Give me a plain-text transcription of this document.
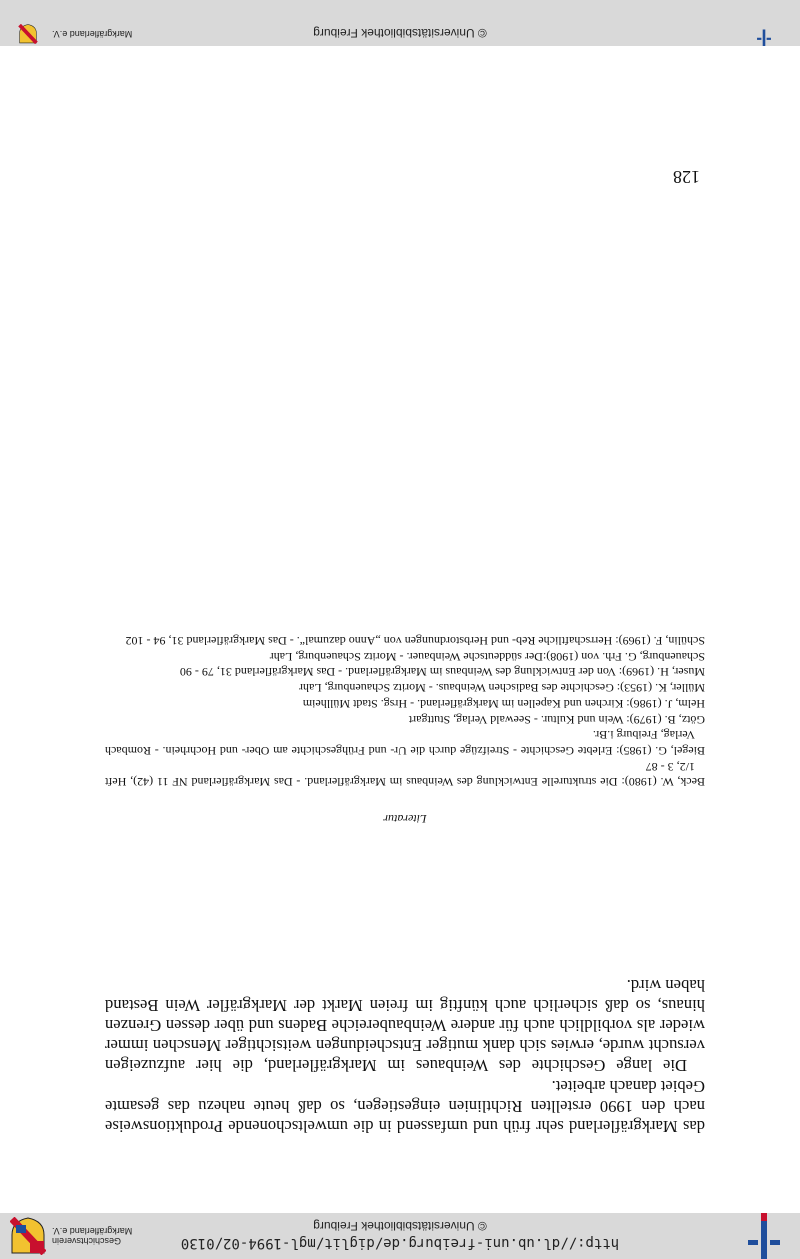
http://dl.ub.uni-freiburg.de/diglit/mgl-1994-02/0130
© Universitätsbibliothek Freiburg
Geschichtsverein
Markgräflerland e.V.

das Markgräflerland sehr früh und umfassend in die umweltschonende Produktionsweise nach den 1990 erstellten Richtlinien eingestiegen, so daß heute nahezu das gesamte Gebiet danach arbeitet.

Die lange Geschichte des Weinbaues im Markgräflerland, die hier aufzuzeigen versucht wurde, erwies sich dank mutiger Entscheidungen weitsichtiger Menschen immer wieder als vorbildlich auch für andere Weinbaubereiche Badens und über dessen Grenzen hinaus, so daß sicherlich auch künftig im freien Markt der Markgräfler Wein Bestand haben wird.

Literatur
Beck, W. (1980): Die strukturelle Entwicklung des Weinbaus im Markgräflerland. - Das Markgräflerland NF 11 (42), Heft 1/2, 3 - 87
Biegel, G. (1985): Erlebte Geschichte - Streifzüge durch die Ur- und Frühgeschichte am Ober- und Hochrhein. - Rombach Verlag, Freiburg i.Br.
Götz, B. (1979): Wein und Kultur. - Seewald Verlag, Stuttgart
Helm, J. (1986): Kirchen und Kapellen im Markgräflerland. - Hrsg. Stadt Müllheim
Müller, K. (1953): Geschichte des Badischen Weinbaus. - Moritz Schauenburg, Lahr
Muser, H. (1969): Von der Entwicklung des Weinbaus im Markgräflerland. - Das Markgräflerland 31, 79 - 90
Schauenburg, G. Frh. von (1908):Der süddeutsche Weinbauer. - Moritz Schauenburg, Lahr
Schülin, F. (1969): Herrschaftliche Reb- und Herbstordnungen von „Anno dazumal“. - Das Markgräflerland 31, 94 - 102
128
© Universitätsbibliothek Freiburg
Markgräflerland e.V.
